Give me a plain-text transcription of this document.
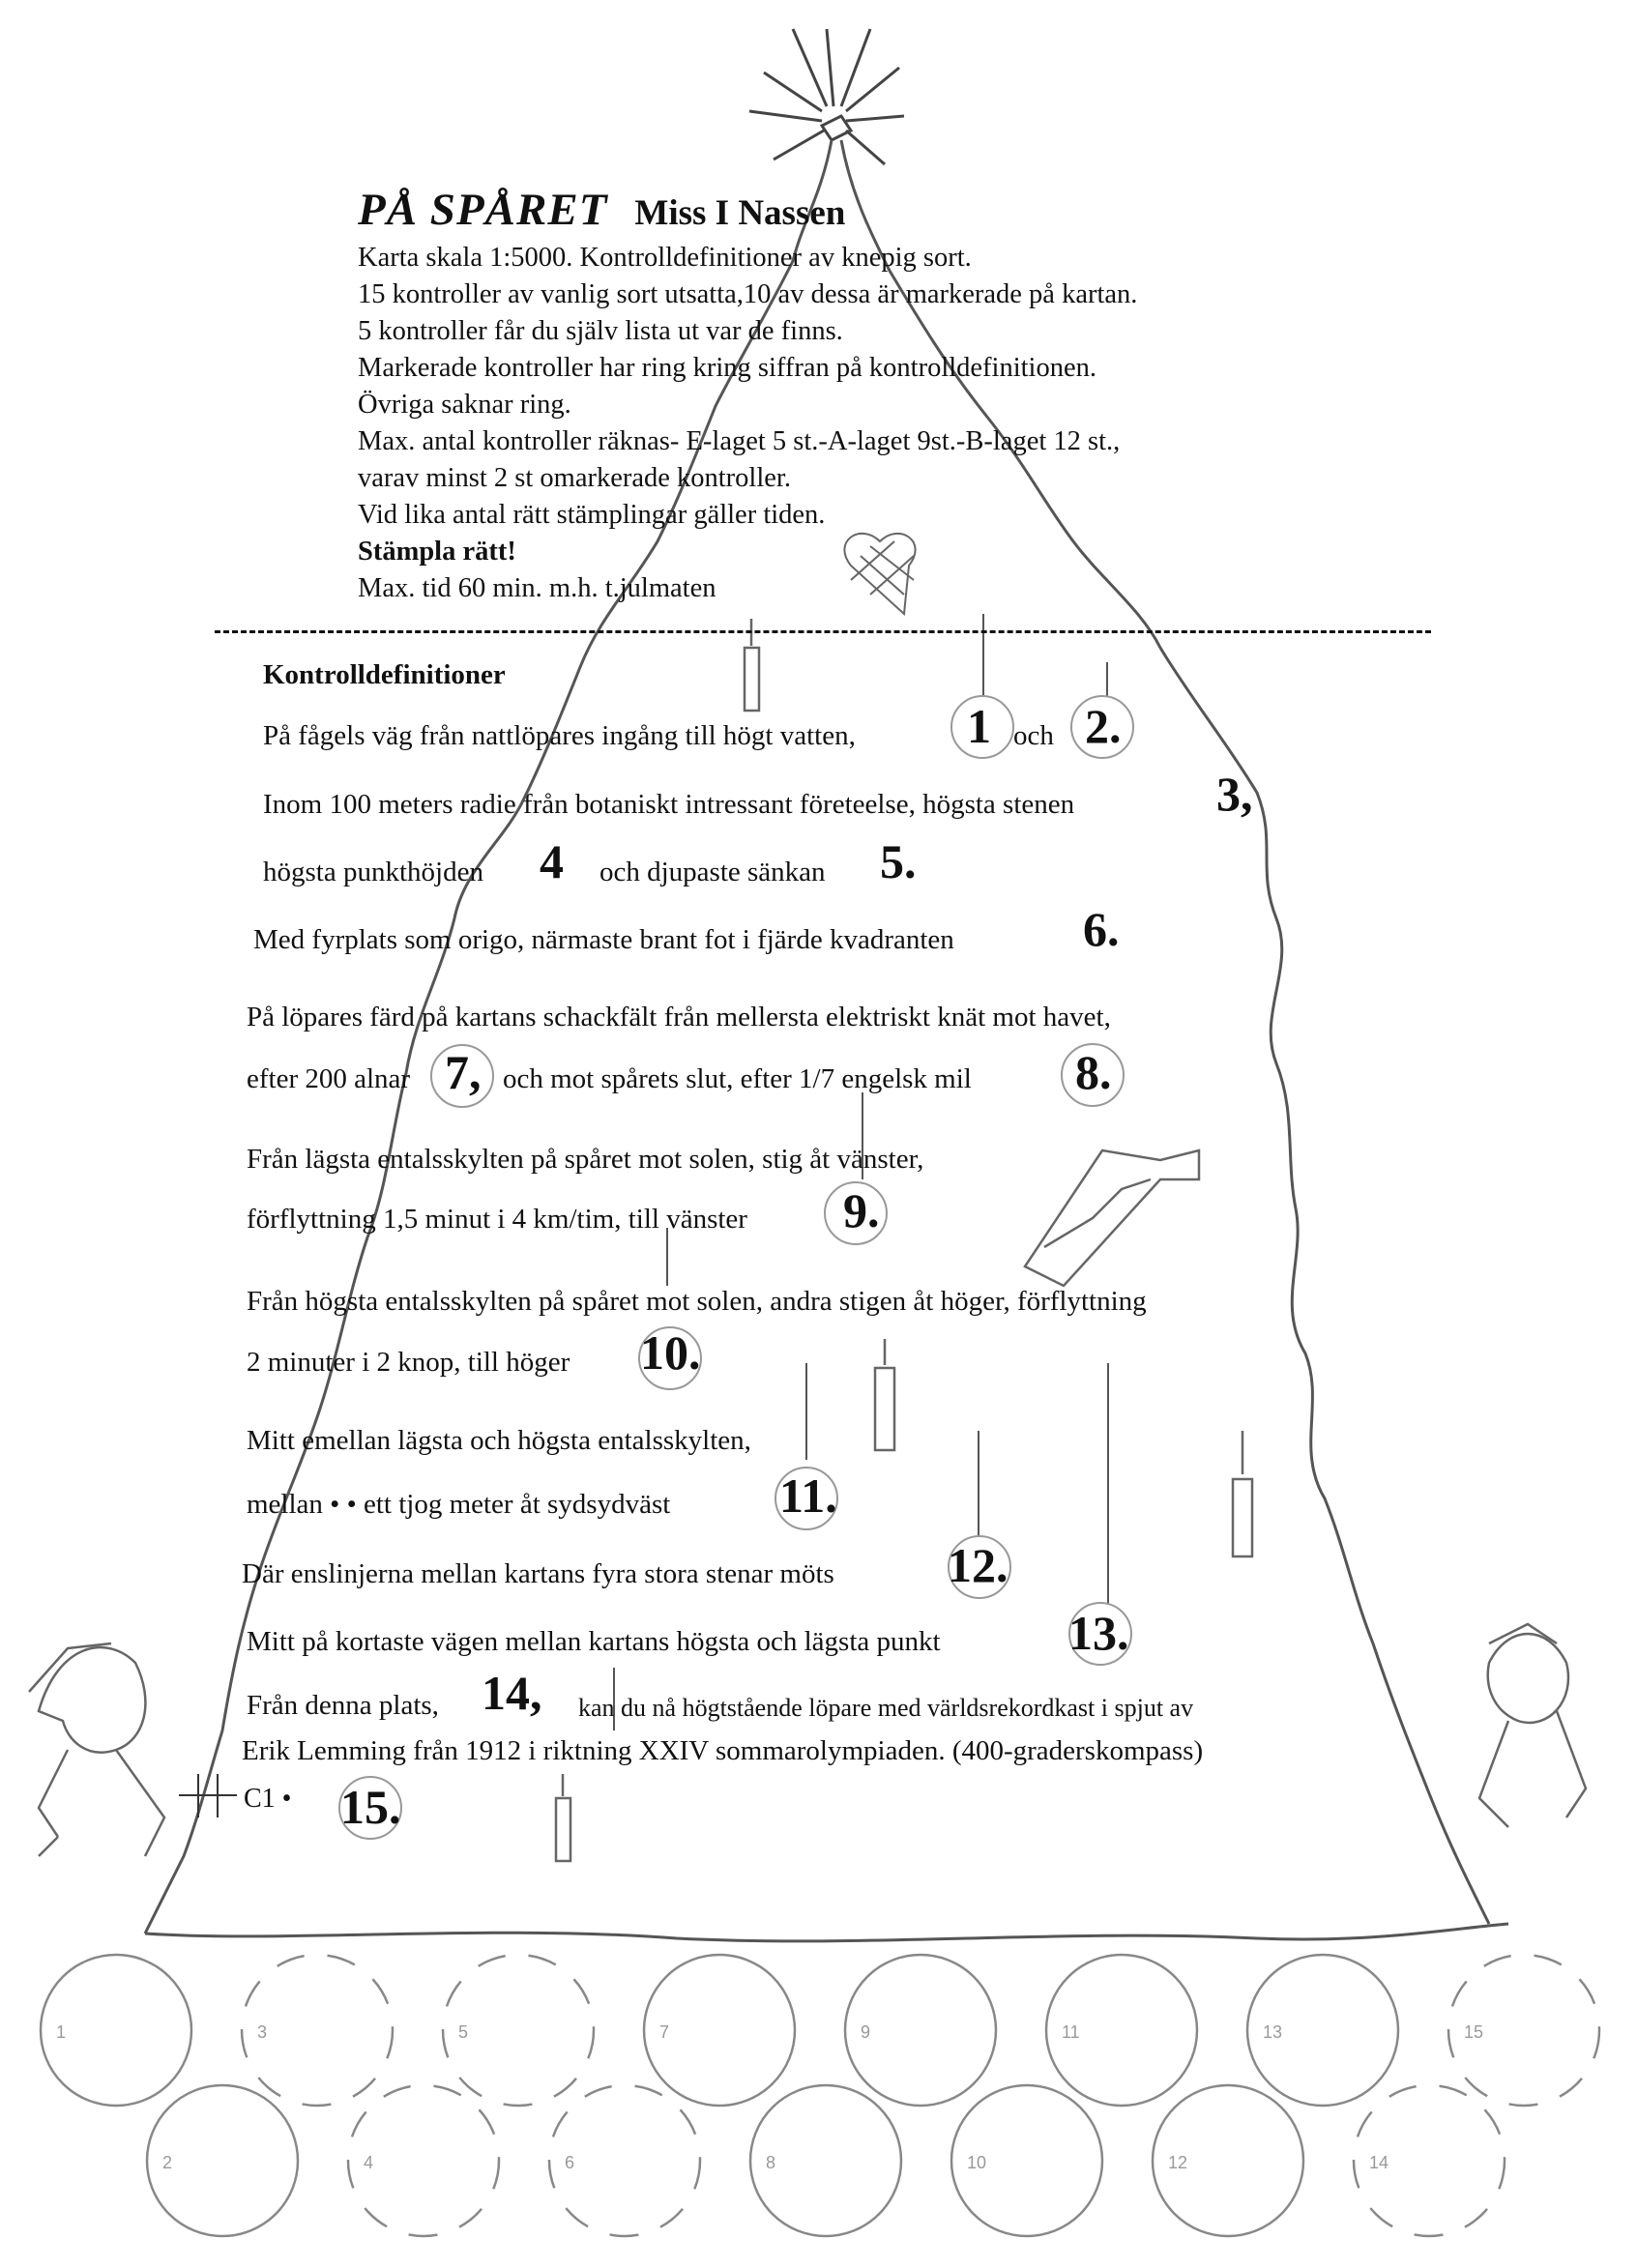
PÅ SPÅRET Miss I Nassen
Karta skala 1:5000. Kontrolldefinitioner av knepig sort.
15 kontroller av vanlig sort utsatta,10 av dessa är markerade på kartan.
5 kontroller får du själv lista ut var de finns.
Markerade kontroller har ring kring siffran på kontrolldefinitionen.
Övriga saknar ring.
Max. antal kontroller räknas- E-laget 5 st.-A-laget 9st.-B-laget 12 st.,
varav minst 2 st omarkerade kontroller.
Vid lika antal rätt stämplingar gäller tiden.
Stämpla rätt!
Max. tid 60 min. m.h. t.julmaten
Kontrolldefinitioner
På fågels väg från nattlöpares ingång till högt vatten, 1 och 2.
Inom 100 meters radie från botaniskt intressant företeelse, högsta stenen	3,
högsta punkthöjden 4 och djupaste sänkan 5.
Med fyrplats som origo, närmaste brant fot i fjärde kvadranten	6.
På löpares färd på kartans schackfält från mellersta elektriskt knät mot havet,
efter 200 alnar 7, och mot spårets slut, efter 1/7 engelsk mil 8.
Från lägsta entalsskylten på spåret mot solen, stig åt vänster,
förflyttning 1,5 minut i 4 km/tim, till vänster 9.
Från högsta entalsskylten på spåret mot solen, andra stigen åt höger, förflyttning
2 minuter i 2 knop, till höger 10.
Mitt emellan lägsta och högsta entalsskylten,
mellan • • ett tjog meter åt sydsydväst 11.
Där enslinjerna mellan kartans fyra stora stenar möts 12.
Mitt på kortaste vägen mellan kartans högsta och lägsta punkt	13.
Från denna plats, 14, kan du nå högtstående löpare med världsrekordkast i spjut av
Erik Lemming från 1912 i riktning XXIV sommarolympiaden. (400-graderskompass)
C1 • 15.
1
2
3
4
5
6
7
8
9
10
11
12
13
14
15
